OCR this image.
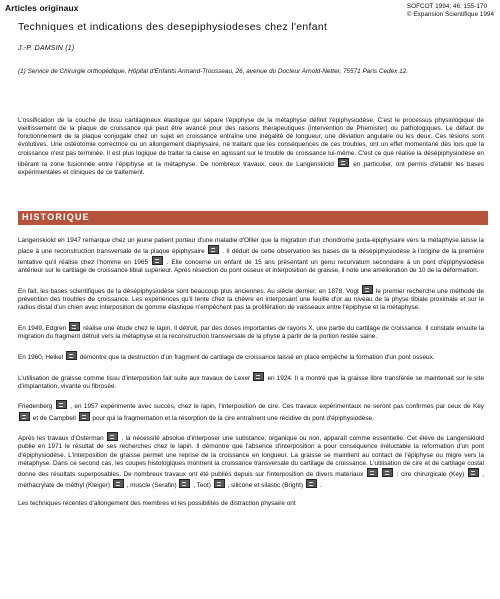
Articles originaux	SOFCOT 1994; 46: 155-170
© Expansion Scientifique 1994
Techniques et indications des desepiphysiodeses chez l'enfant
J.-P. DAMSIN (1)
(1) Service de Chirurgie orthopédique, Hôpital d'Enfants Armand-Trousseau, 26, avenue du Docteur Arnold-Netter, 75571 Paris Cedex 12.
L'ossification de la couche de tissu cartilagineux élastique qui sépare l'épiphyse de la métaphyse définit l'épiphysiodèse. C'est le processus physiologique de vieillissement de la plaque de croissance qui peut être avancé pour des raisons thérapeutiques (intervention de Phemister) ou pathologiques. Le défaut de fonctionnement de la plaque conjugale chez un sujet en croissance entraîne une inégalité de longueur, une déviation angulaire ou les deux. Ces lésions sont évolutives. Une ostéotomie correctrice ou un allongement diaphysaire, ne traitant que les conséquences de ces troubles, ont un effet momentané dès lors que la croissance n'est pas terminée. Il est plus logique de traiter la cause en agissant sur le trouble de croissance lui-même. C'est ce que réalise la désépiphysiodèse en libérant la zone fusionnée entre l'épiphyse et la métaphyse. De nombreux travaux, ceux de Langenskiold	en particulier, ont permis d'établir les bases expérimentales et cliniques de ce traitement.
HISTORIQUE

Langenskiold en 1947 remarque chez un jeune patient porteur d'une maladie d'Ollier que la migration d'un chondrome juxta-épiphysaire vers la métaphyse laisse la place à une reconstruction transversale de la plaque épiphysaire	. Il déduit de cette observation les bases de la désépiphysiodèse à l'origine de la première tentative qu'il réalise chez l'homme en 1965	. Elle concerne un enfant de 15 ans présentant un genu recurvatum secondaire à un pont d'épiphysiodèse antérieur sur le cartilage de croissance tibial supérieur. Après résection du pont osseux et interposition de graisse, il note une amélioration de 10 de la déformation.

En fait, les bases scientifiques de la désépiphysiodèse sont beaucoup plus anciennes. Au siècle dernier, en 1878, Vogt	le premier recherche une méthode de prévention des troubles de croissance. Les expériences qu'il tente chez la chèvre en interposant une feuille d'or au niveau de la physe tibiale proximale et sur le radius distal d'un chien avec interposition de gomme élastique n'empêchent pas la prolifération de vaisseaux entre l'épiphyse et la métaphyse.

En 1949, Edgren	réalise une étude chez le lapin. Il détruit, par des doses importantes de rayons X, une partie du cartilage de croissance. Il constate ensuite la migration du fragment détruit vers la métaphyse et la reconstruction transversale de la physe à partir de la portion restée saine.

En 1960, Heikel	démontre que la destruction d'un fragment de cartilage de croissance laissé en place empêche la formation d'un pont osseux.

L'utilisation de graisse comme tissu d'interposition fait suite aux travaux de Lexer	en 1924. Il a montré que la graisse libre transférée se maintenait sur le site d'implantation, vivante ou fibrosée.

Friedenberg	, en 1957 expérimente avec succès, chez le lapin, l'interposition de cire. Ces travaux expérimentaux ne seront pas confirmés par ceux de Key  et de Campbell	pour qui la fragmentation et la résorption de la cire entraînent une récidive du pont d'épiphysiodèse.

Après les travaux d'Osterman	, la nécessité absolue d'interposer une substance, organique ou non, apparaît comme essentielle. Cet élève de Langenskiold publie en 1971 le résultat de ses recherches chez le lapin. Il démontre que l'absence d'interposition a pour conséquence inéluctable la reformation d'un pont d'épiphysiodèse. L'interposition de graisse permet une reprise de la croissance en longueur. La graisse se maintient au contact de l'épiphyse ou migre vers la métaphyse. Dans ce second cas, les coupes histologiques montrent la croissance transversale du cartilage de croissance. L'utilisation de cire et de cartilage costal donne des résultats superposables. De nombreux travaux ont été publiés depuis sur l'interposition de divers matériaux	: cire chirurgicale (Key)	, méthacrylate de méthyl (Kleiger)	, muscle (Serafin)	, Teot)	, silicone et silastic (Bright)	.

Les techniques récentes d'allongement des membres et les possibilités de distraction physaire ont
